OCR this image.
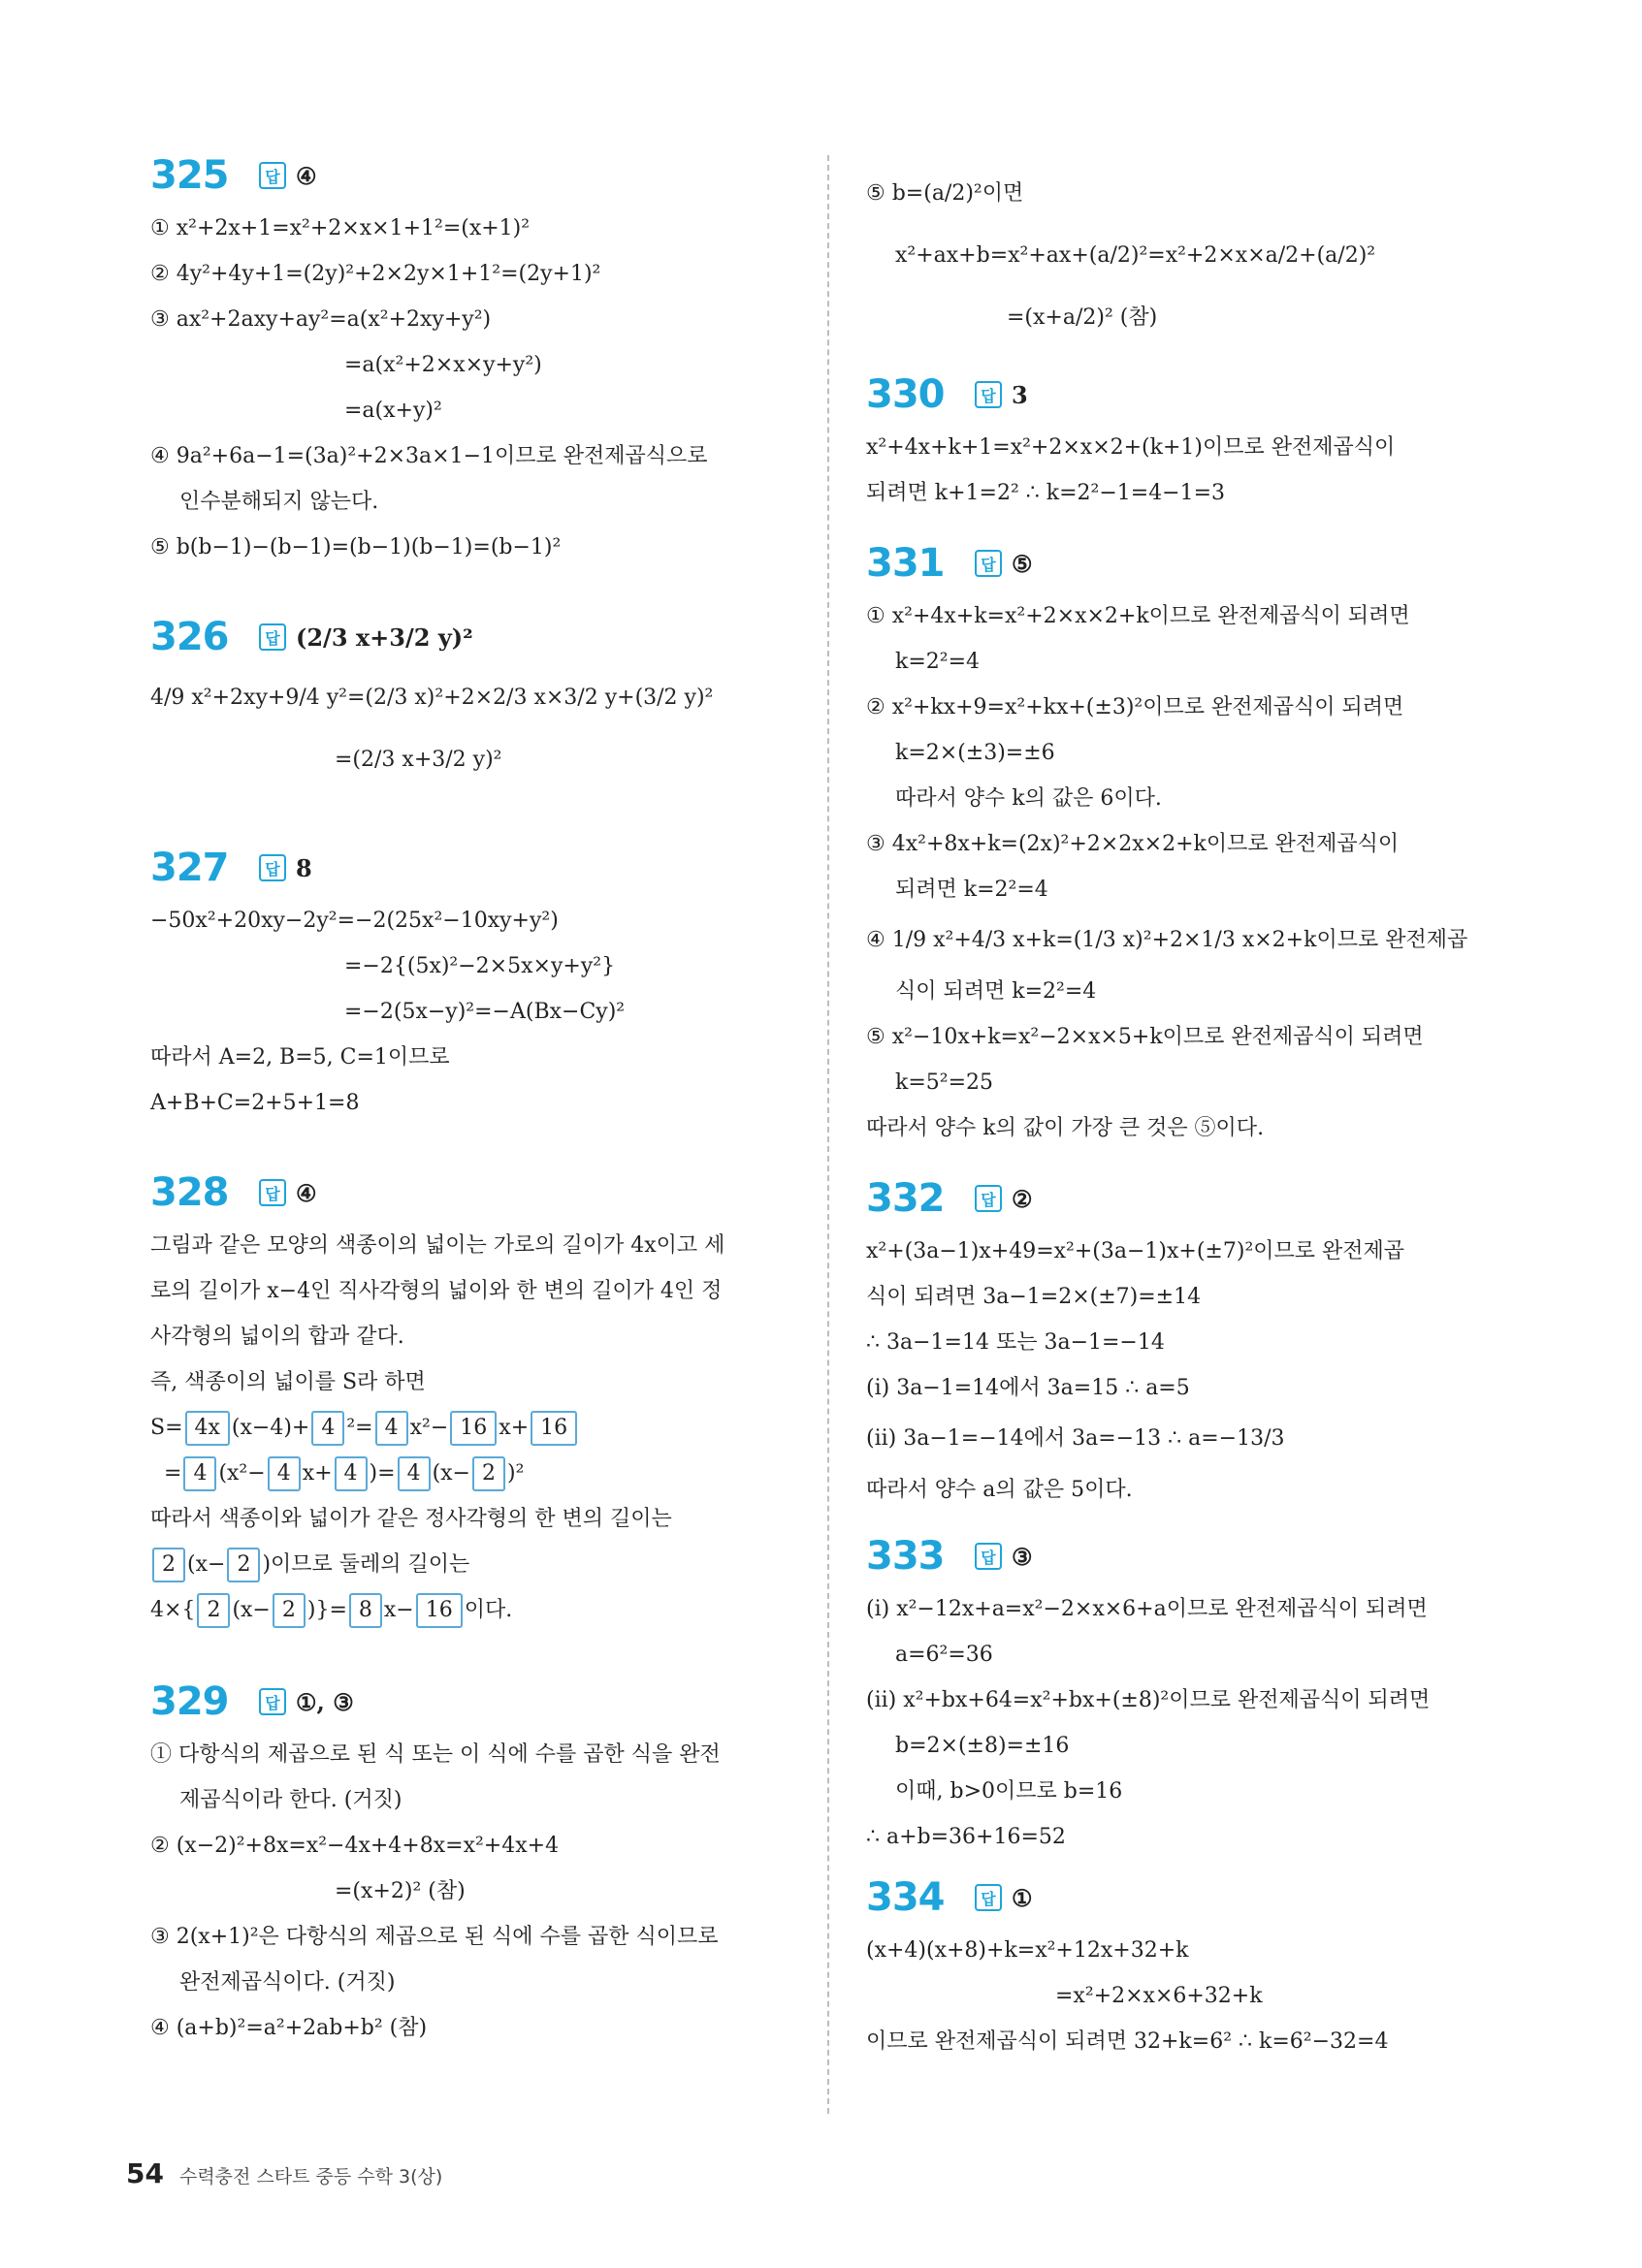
325	답 ④
① x²+2x+1=x²+2×x×1+1²=(x+1)²
② 4y²+4y+1=(2y)²+2×2y×1+1²=(2y+1)²
③ ax²+2axy+ay²=a(x²+2xy+y²)
=a(x²+2×x×y+y²)
=a(x+y)²
④ 9a²+6a−1=(3a)²+2×3a×1−1이므로 완전제곱식으로
인수분해되지 않는다.
⑤ b(b−1)−(b−1)=(b−1)(b−1)=(b−1)²
326	답 (2/3 x+3/2 y)²
4/9 x²+2xy+9/4 y²=(2/3 x)²+2×2/3 x×3/2 y+(3/2 y)²
=(2/3 x+3/2 y)²
327	답 8
−50x²+20xy−2y²=−2(25x²−10xy+y²)
=−2{(5x)²−2×5x×y+y²}
=−2(5x−y)²=−A(Bx−Cy)²
따라서 A=2, B=5, C=1이므로
A+B+C=2+5+1=8
328	답 ④
그림과 같은 모양의 색종이의 넓이는 가로의 길이가 4x이고 세
로의 길이가 x−4인 직사각형의 넓이와 한 변의 길이가 4인 정
사각형의 넓이의 합과 같다.
즉, 색종이의 넓이를 S라 하면
S= 4x (x−4)+ 4 ²= 4 x²− 16 x+ 16
= 4 (x²− 4 x+ 4 )= 4 (x− 2 )²
따라서 색종이와 넓이가 같은 정사각형의 한 변의 길이는
2 (x− 2 )이므로 둘레의 길이는
4×{ 2 (x− 2 )}= 8 x− 16 이다.
329	답 ①, ③
① 다항식의 제곱으로 된 식 또는 이 식에 수를 곱한 식을 완전
제곱식이라 한다. (거짓)
② (x−2)²+8x=x²−4x+4+8x=x²+4x+4
=(x+2)² (참)
③ 2(x+1)²은 다항식의 제곱으로 된 식에 수를 곱한 식이므로
완전제곱식이다. (거짓)
④ (a+b)²=a²+2ab+b² (참)
⑤ b=(a/2)²이면
x²+ax+b=x²+ax+(a/2)²=x²+2×x×a/2+(a/2)²
=(x+a/2)² (참)
330	답 3
x²+4x+k+1=x²+2×x×2+(k+1)이므로 완전제곱식이
되려면 k+1=2² ∴ k=2²−1=4−1=3
331	답 ⑤
① x²+4x+k=x²+2×x×2+k이므로 완전제곱식이 되려면
k=2²=4
② x²+kx+9=x²+kx+(±3)²이므로 완전제곱식이 되려면
k=2×(±3)=±6
따라서 양수 k의 값은 6이다.
③ 4x²+8x+k=(2x)²+2×2x×2+k이므로 완전제곱식이
되려면 k=2²=4
④ 1/9 x²+4/3 x+k=(1/3 x)²+2×1/3 x×2+k이므로 완전제곱
식이 되려면 k=2²=4
⑤ x²−10x+k=x²−2×x×5+k이므로 완전제곱식이 되려면
k=5²=25
따라서 양수 k의 값이 가장 큰 것은 ⑤이다.
332	답 ②
x²+(3a−1)x+49=x²+(3a−1)x+(±7)²이므로 완전제곱
식이 되려면 3a−1=2×(±7)=±14
∴ 3a−1=14 또는 3a−1=−14
(i) 3a−1=14에서 3a=15 ∴ a=5
(ii) 3a−1=−14에서 3a=−13 ∴ a=−13/3
따라서 양수 a의 값은 5이다.
333	답 ③
(i) x²−12x+a=x²−2×x×6+a이므로 완전제곱식이 되려면
a=6²=36
(ii) x²+bx+64=x²+bx+(±8)²이므로 완전제곱식이 되려면
b=2×(±8)=±16
이때, b>0이므로 b=16
∴ a+b=36+16=52
334	답 ①
(x+4)(x+8)+k=x²+12x+32+k
=x²+2×x×6+32+k
이므로 완전제곱식이 되려면 32+k=6² ∴ k=6²−32=4
54 수력충전 스타트 중등 수학 3(상)
